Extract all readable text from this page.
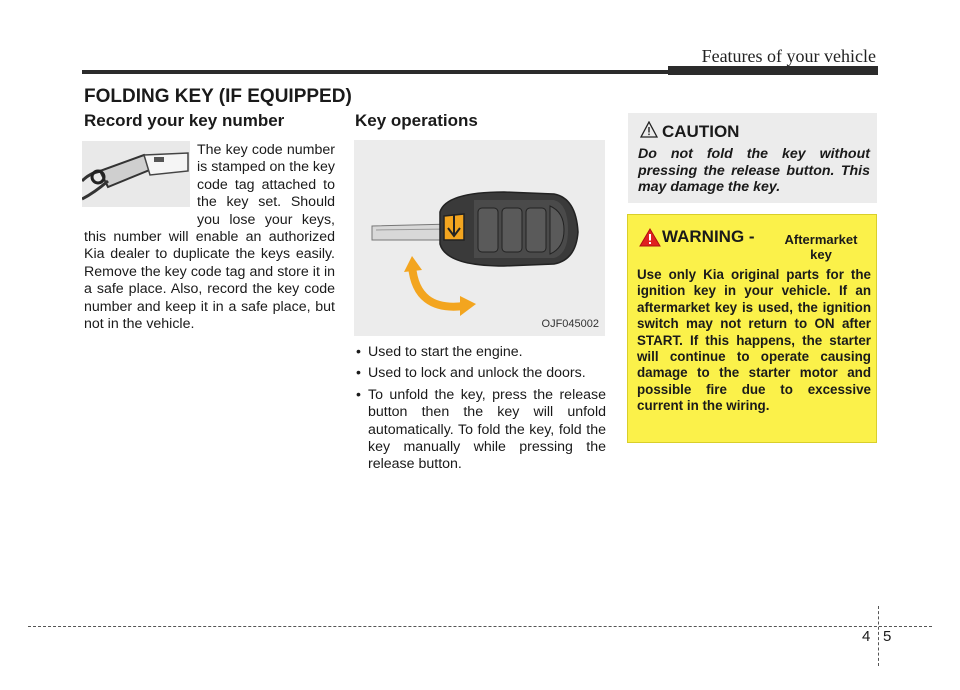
Features of your vehicle
FOLDING KEY (IF EQUIPPED)
Record your key number
The key code number is stamped on the key code tag attached to the key set. Should you lose your keys, this number will enable an authorized Kia dealer to duplicate the keys easily. Remove the key code tag and store it in a safe place. Also, record the key code number and keep it in a safe place, but not in the vehicle.
Key operations
OJF045002
• Used to start the engine.
• Used to lock and unlock the doors.
• To unfold the key, press the release button then the key will unfold automatically. To fold the key, fold the key manually while pressing the release button.
CAUTION
Do not fold the key without pressing the release button. This may damage the key.
WARNING -	Aftermarket key
Use only Kia original parts for the ignition key in your vehicle. If an aftermarket key is used, the ignition switch may not return to ON after START. If this happens, the starter will continue to operate causing damage to the starter motor and possible fire due to excessive current in the wiring.
4 5
